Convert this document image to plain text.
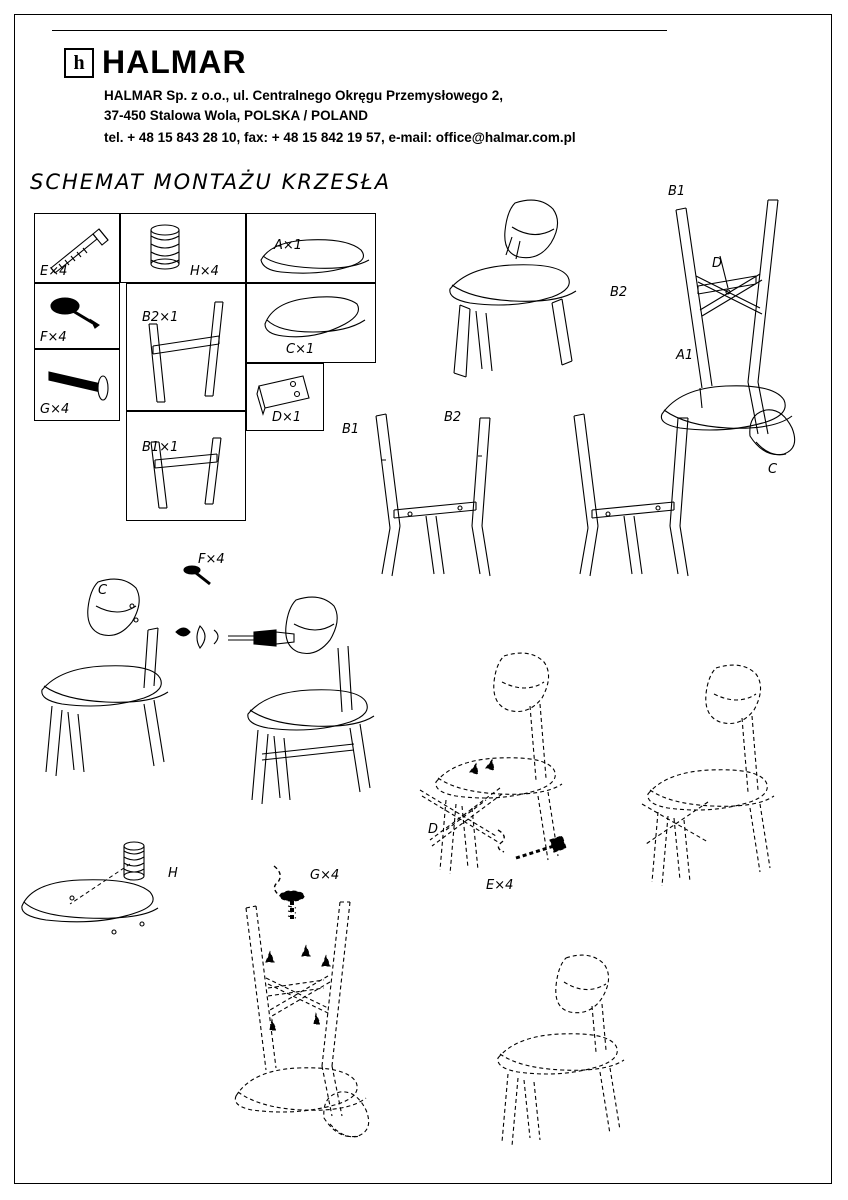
h HALMAR
HALMAR Sp. z o.o., ul. Centralnego Okręgu Przemysłowego 2,
37-450 Stalowa Wola, POLSKA / POLAND
tel. + 48 15 843 28 10, fax: + 48 15 842 19 57, e-mail: office@halmar.com.pl
SCHEMAT MONTAŻU KRZESŁA
E×4
F×4
G×4
H×4
B2×1
B1×1
A×1
C×1
D×1
B1
B2
D
A1
C
B1
B2
C
F×4
H	G×4
D
E×4
